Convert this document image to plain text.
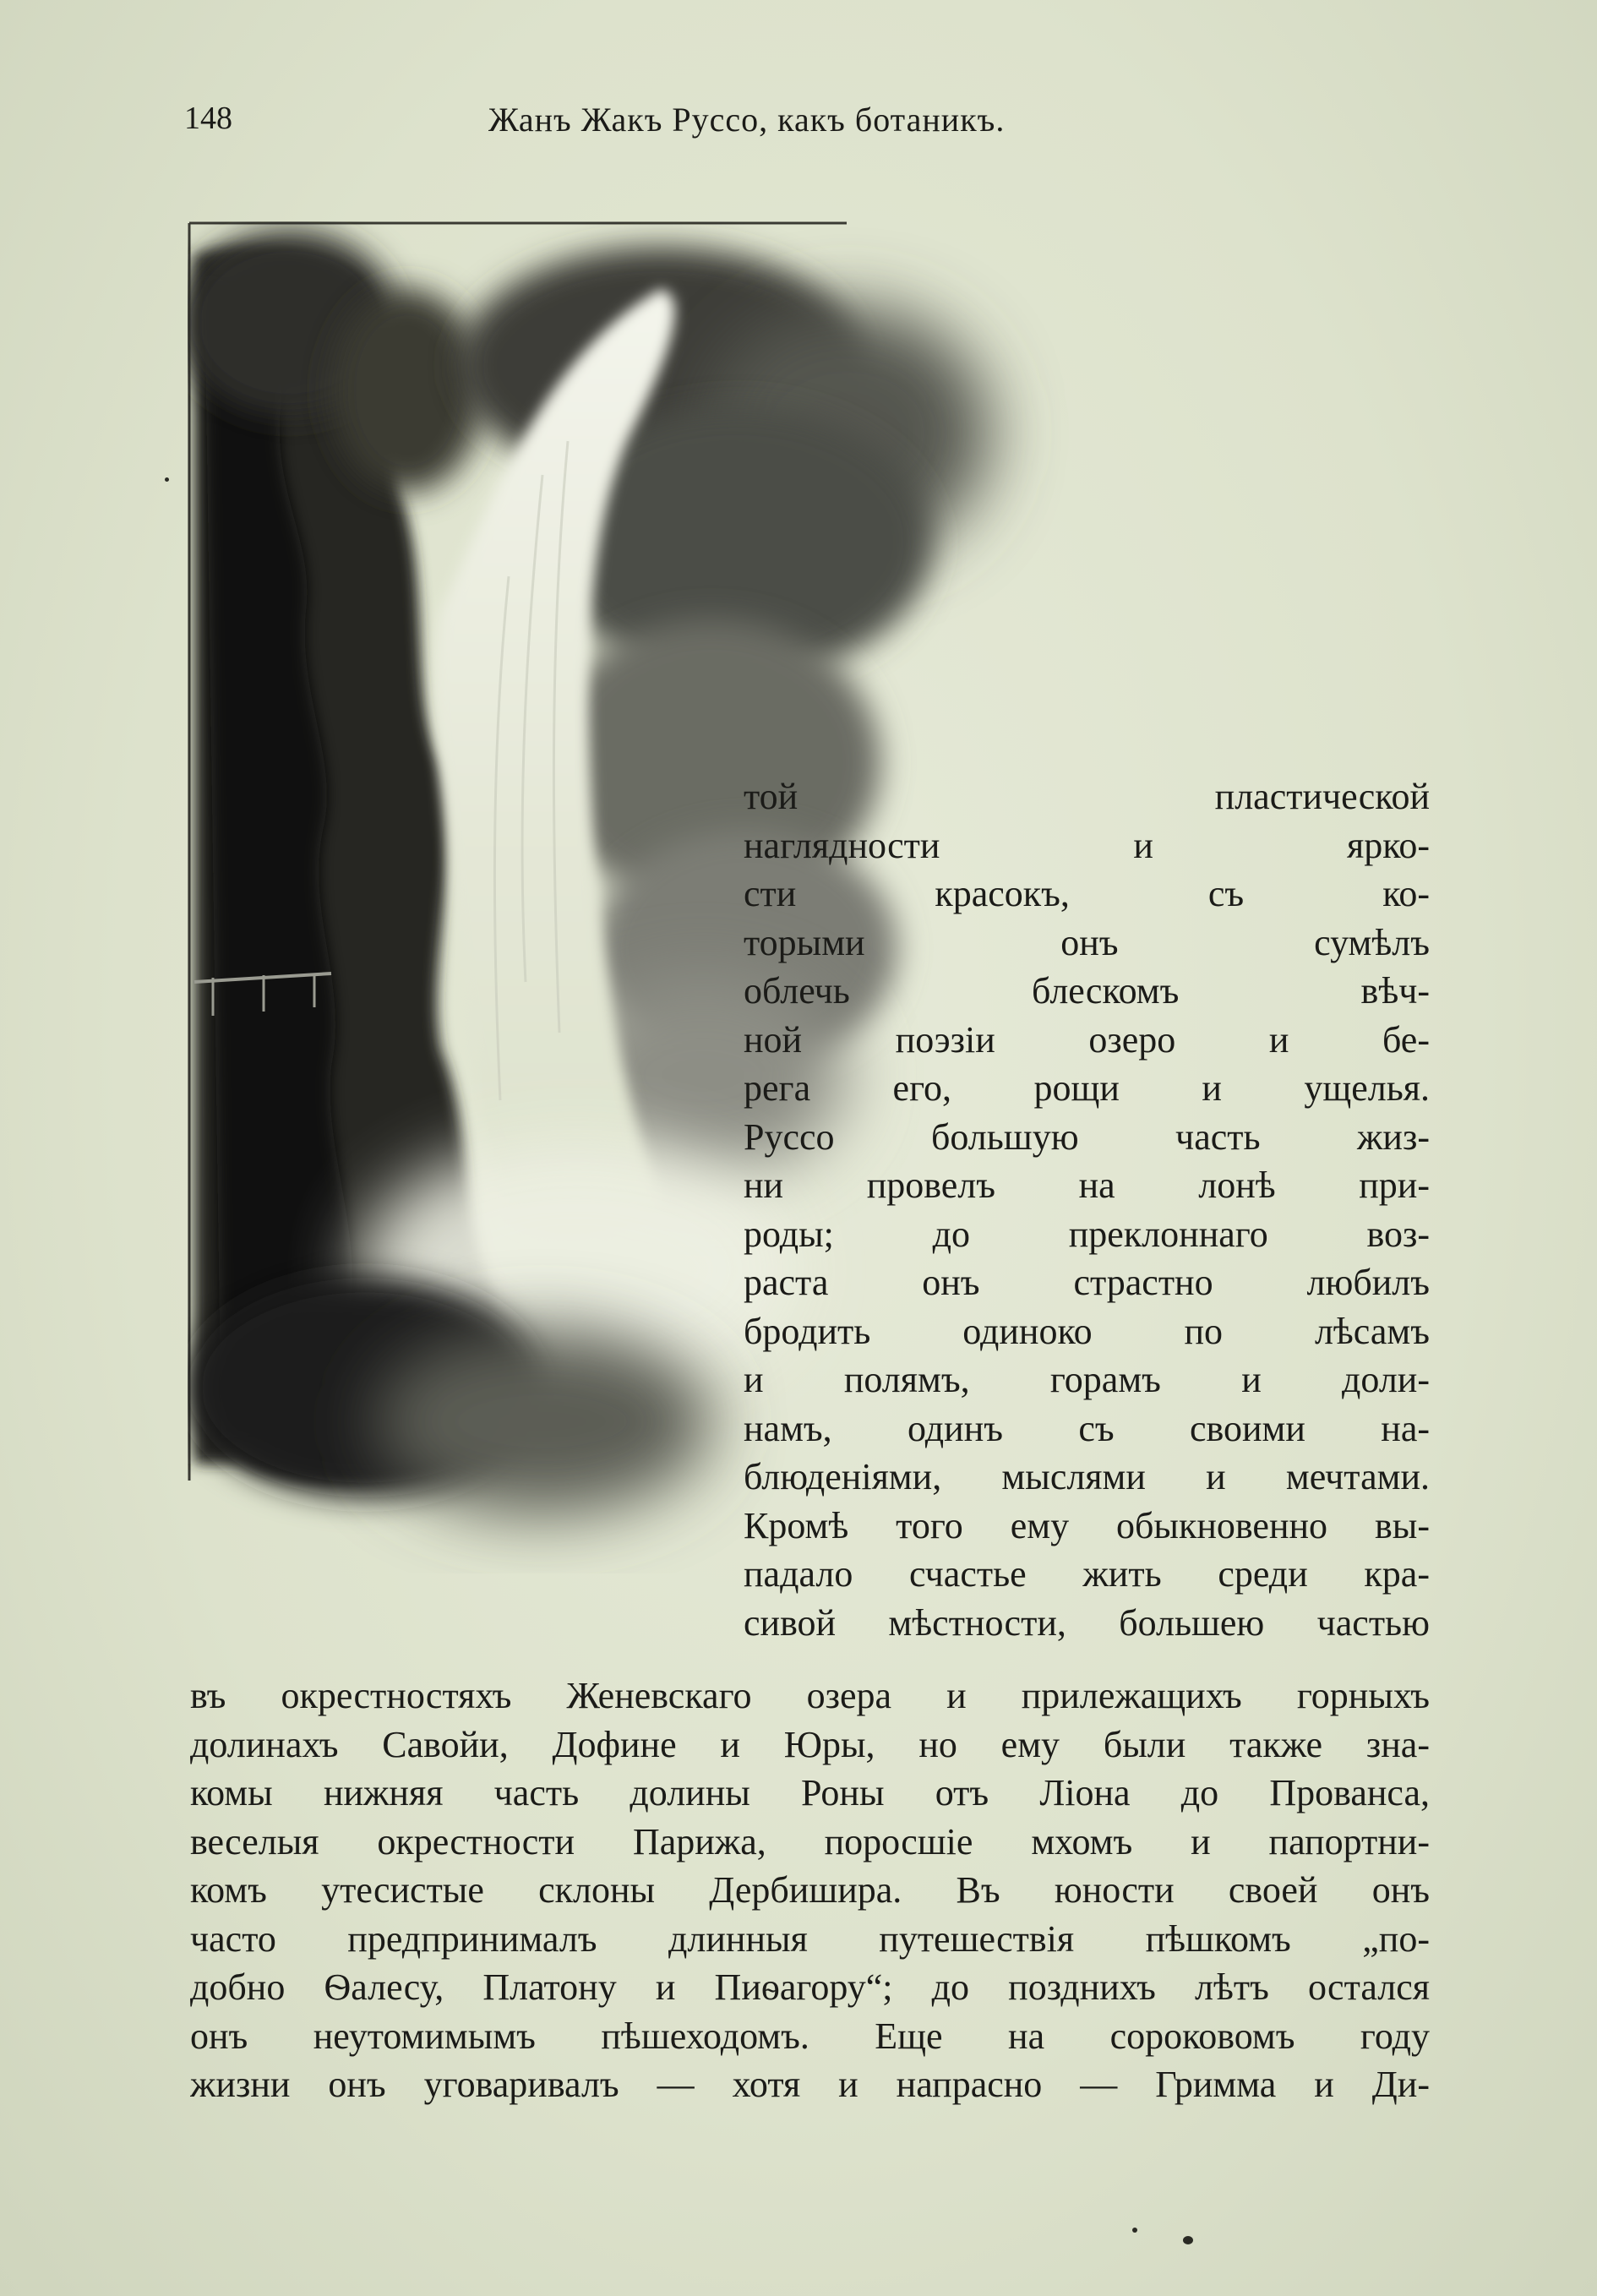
148	Жанъ Жакъ Руссо, какъ ботаникъ.
той пластической
наглядности и ярко-
сти красокъ, съ ко-
торыми онъ сумѣлъ
облечь блескомъ вѣч-
ной поэзіи озеро и бе-
рега его, рощи и ущелья.
Руссо большую часть жиз-
ни провелъ на лонѣ при-
роды; до преклоннаго воз-
раста онъ страстно любилъ
бродить одиноко по лѣсамъ
и полямъ, горамъ и доли-
намъ, одинъ съ своими на-
блюденіями, мыслями и мечтами.
Кромѣ того ему обыкновенно вы-
падало счастье жить среди кра-
сивой мѣстности, большею частью
въ окрестностяхъ Женевскаго озера и прилежащихъ горныхъ
долинахъ Савойи, Дофине и Юры, но ему были также зна-
комы нижняя часть долины Роны отъ Ліона до Прованса,
веселыя окрестности Парижа, поросшіе мхомъ и папортни-
комъ утесистые склоны Дербишира. Въ юности своей онъ
часто предпринималъ длинныя путешествія пѣшкомъ „по-
добно Ѳалесу, Платону и Пиѳагору“; до позднихъ лѣтъ остался
онъ неутомимымъ пѣшеходомъ. Еще на сороковомъ году
жизни онъ уговаривалъ — хотя и напрасно — Гримма и Ди-
